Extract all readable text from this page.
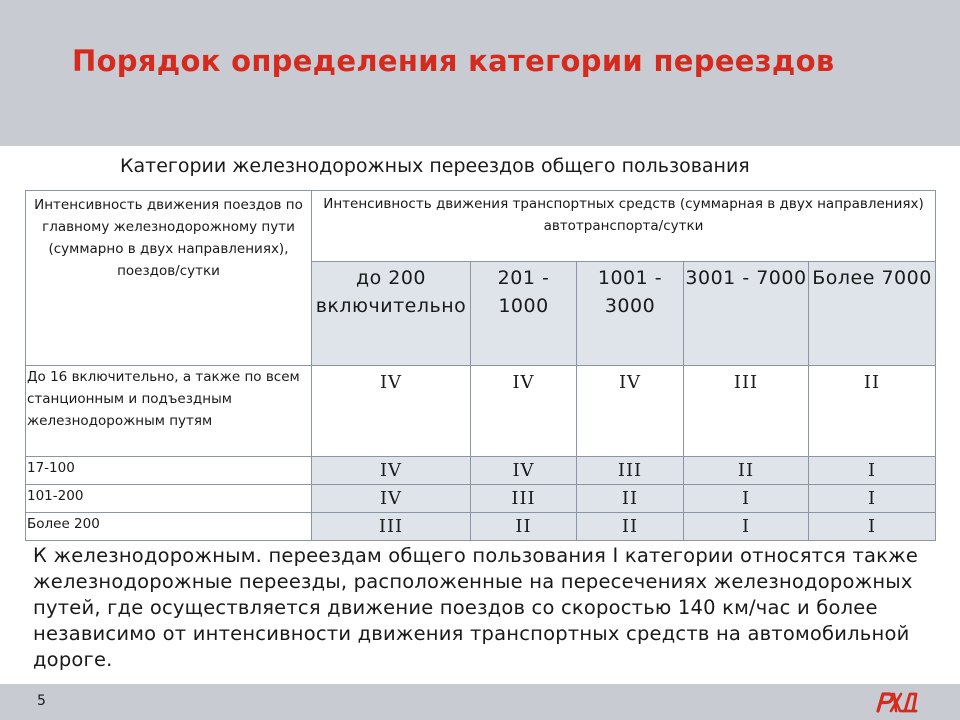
Порядок определения категории переездов
Категории железнодорожных переездов общего пользования
Интенсивность движения поездов по главному железнодорожному пути (суммарно в двух направлениях), поездов/сутки	Интенсивность движения транспортных средств (суммарная в двух направлениях) автотранспорта/сутки				
	до 200 включительно	201 - 1000	1001 - 3000	3001 - 7000	Более 7000
До 16 включительно, а также по всем станционным и подъездным железнодорожным путям	IV	IV	IV	III	II
17-100	IV	IV	III	II	I
101-200	IV	III	II	I	I
Более 200	III	II	II	I	I
К железнодорожным. переездам общего пользования I категории относятся также железнодорожные переезды, расположенные на пересечениях железнодорожных путей, где осуществляется движение поездов со скоростью 140 км/час и более независимо от интенсивности движения транспортных средств на автомобильной дороге.
5
